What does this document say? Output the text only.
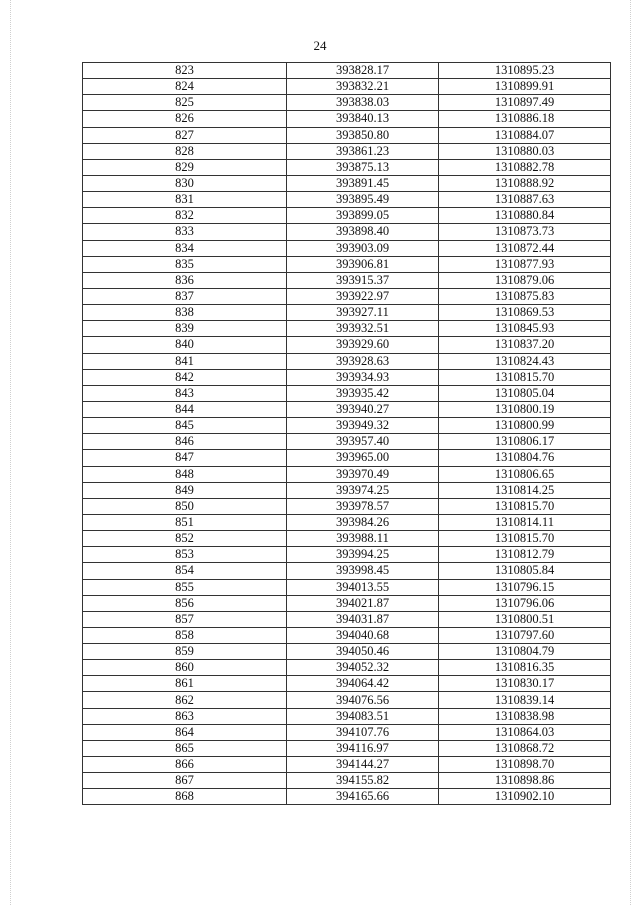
24
823	393828.17	1310895.23
824	393832.21	1310899.91
825	393838.03	1310897.49
826	393840.13	1310886.18
827	393850.80	1310884.07
828	393861.23	1310880.03
829	393875.13	1310882.78
830	393891.45	1310888.92
831	393895.49	1310887.63
832	393899.05	1310880.84
833	393898.40	1310873.73
834	393903.09	1310872.44
835	393906.81	1310877.93
836	393915.37	1310879.06
837	393922.97	1310875.83
838	393927.11	1310869.53
839	393932.51	1310845.93
840	393929.60	1310837.20
841	393928.63	1310824.43
842	393934.93	1310815.70
843	393935.42	1310805.04
844	393940.27	1310800.19
845	393949.32	1310800.99
846	393957.40	1310806.17
847	393965.00	1310804.76
848	393970.49	1310806.65
849	393974.25	1310814.25
850	393978.57	1310815.70
851	393984.26	1310814.11
852	393988.11	1310815.70
853	393994.25	1310812.79
854	393998.45	1310805.84
855	394013.55	1310796.15
856	394021.87	1310796.06
857	394031.87	1310800.51
858	394040.68	1310797.60
859	394050.46	1310804.79
860	394052.32	1310816.35
861	394064.42	1310830.17
862	394076.56	1310839.14
863	394083.51	1310838.98
864	394107.76	1310864.03
865	394116.97	1310868.72
866	394144.27	1310898.70
867	394155.82	1310898.86
868	394165.66	1310902.10
